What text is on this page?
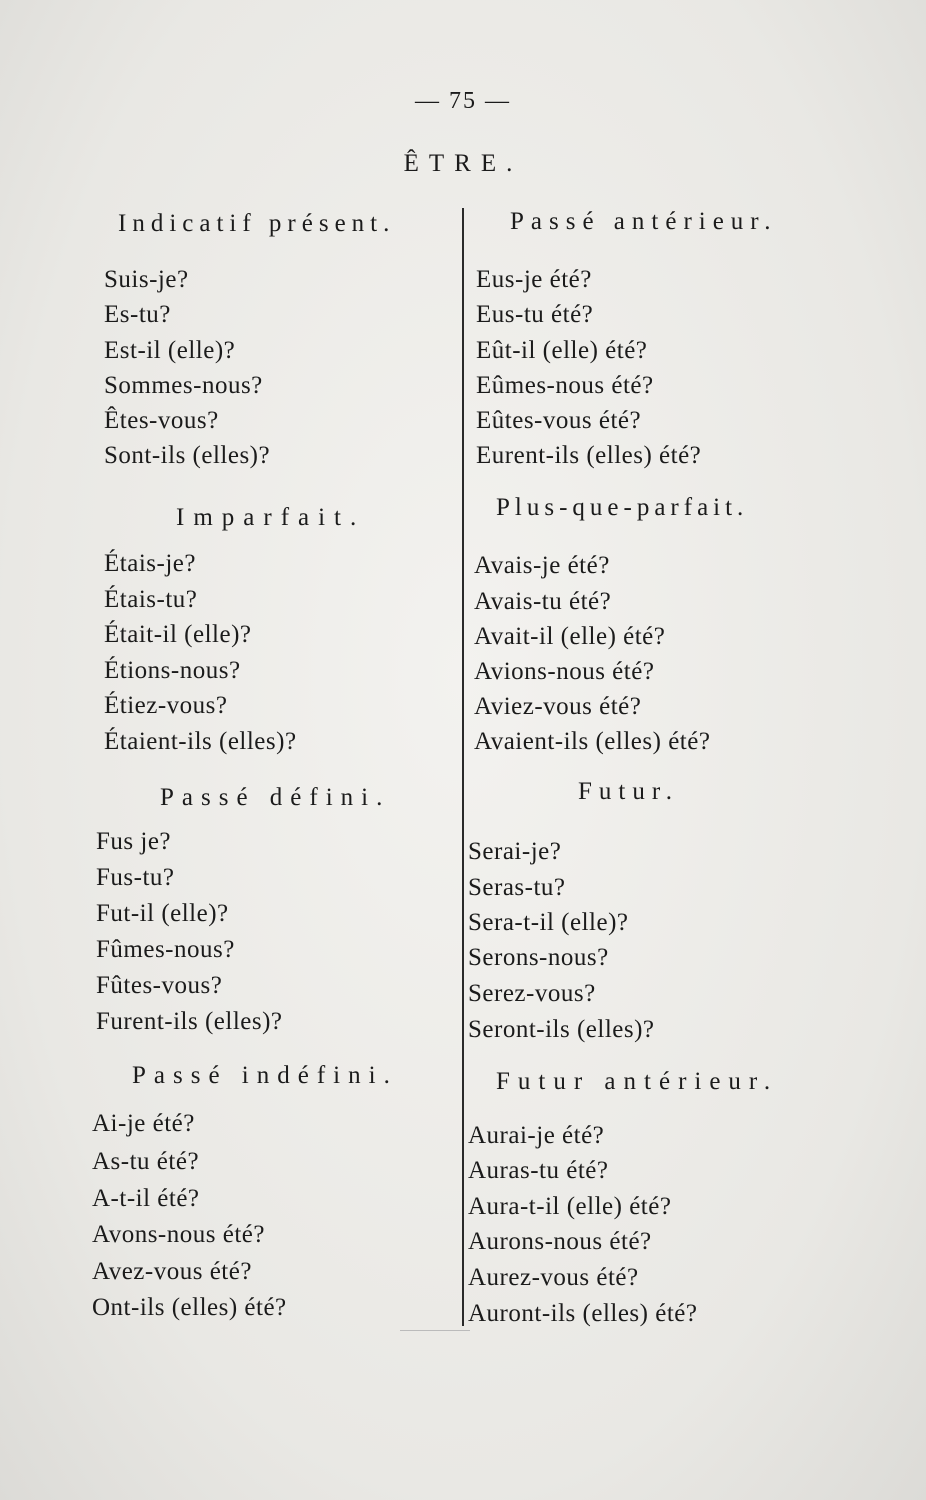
— 75 —
ÊTRE.
Indicatif présent.
Suis-je?
Es-tu?
Est-il (elle)?
Sommes-nous?
Êtes-vous?
Sont-ils (elles)?
Imparfait.
Étais-je?
Étais-tu?
Était-il (elle)?
Étions-nous?
Étiez-vous?
Étaient-ils (elles)?
Passé défini.
Fus je?
Fus-tu?
Fut-il (elle)?
Fûmes-nous?
Fûtes-vous?
Furent-ils (elles)?
Passé indéfini.
Ai-je été?
As-tu été?
A-t-il été?
Avons-nous été?
Avez-vous été?
Ont-ils (elles) été?
Passé antérieur.
Eus-je été?
Eus-tu été?
Eût-il (elle) été?
Eûmes-nous été?
Eûtes-vous été?
Eurent-ils (elles) été?
Plus-que-parfait.
Avais-je été?
Avais-tu été?
Avait-il (elle) été?
Avions-nous été?
Aviez-vous été?
Avaient-ils (elles) été?
Futur.
Serai-je?
Seras-tu?
Sera-t-il (elle)?
Serons-nous?
Serez-vous?
Seront-ils (elles)?
Futur antérieur.
Aurai-je été?
Auras-tu été?
Aura-t-il (elle) été?
Aurons-nous été?
Aurez-vous été?
Auront-ils (elles) été?
